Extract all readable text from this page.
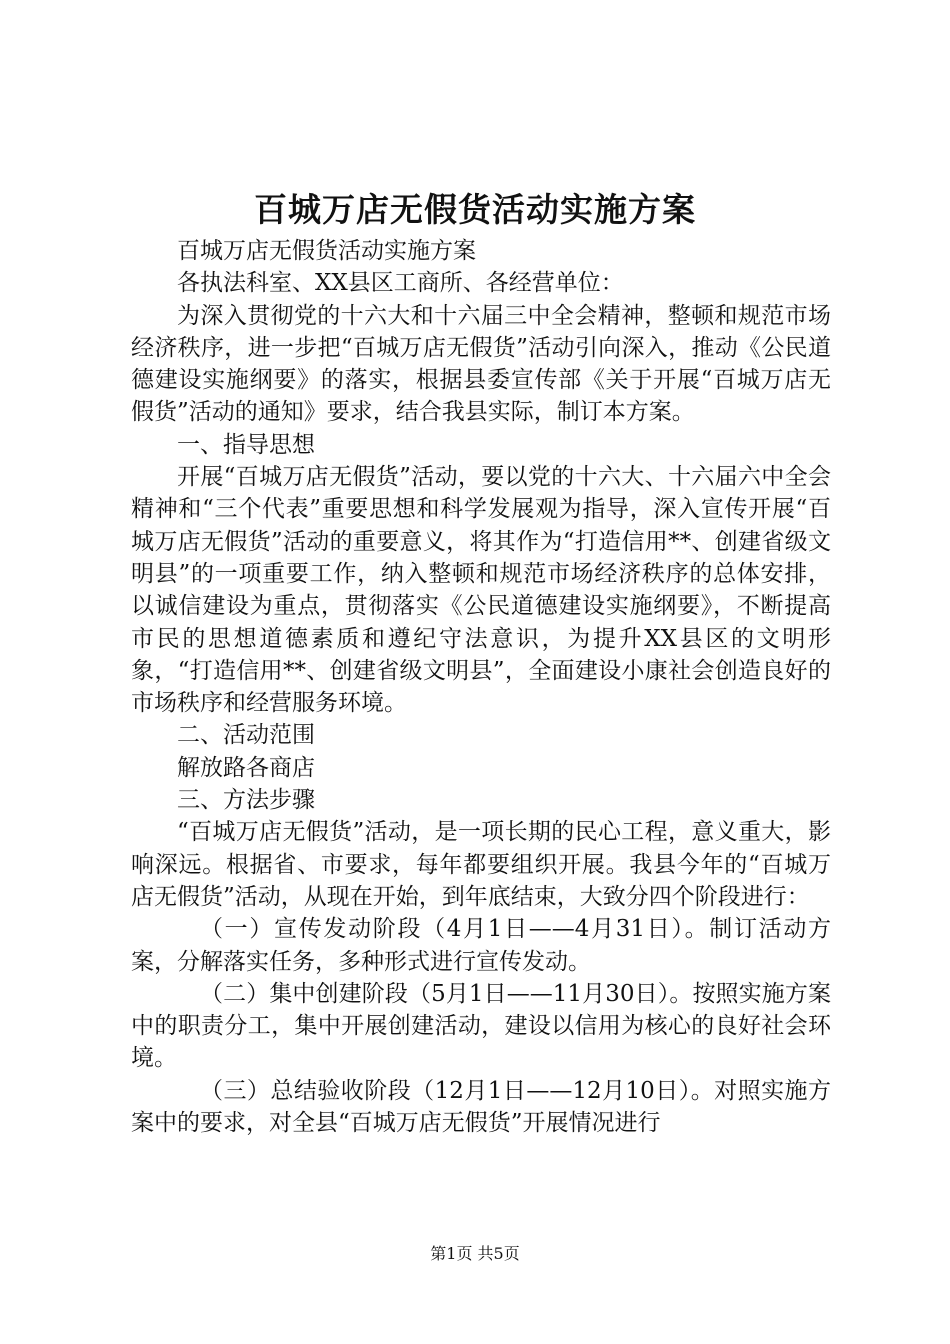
百城万店无假货活动实施方案

百城万店无假货活动实施方案

各执法科室、XX县区工商所、各经营单位：

为深入贯彻党的十六大和十六届三中全会精神，整顿和规范市场经济秩序，进一步把“百城万店无假货”活动引向深入，推动《公民道德建设实施纲要》的落实，根据县委宣传部《关于开展“百城万店无假货”活动的通知》要求，结合我县实际，制订本方案。

一、指导思想

开展“百城万店无假货”活动，要以党的十六大、十六届六中全会精神和“三个代表”重要思想和科学发展观为指导，深入宣传开展“百城万店无假货”活动的重要意义，将其作为“打造信用**、创建省级文明县”的一项重要工作，纳入整顿和规范市场经济秩序的总体安排，以诚信建设为重点，贯彻落实《公民道德建设实施纲要》，不断提高市民的思想道德素质和遵纪守法意识，为提升XX县区的文明形象，“打造信用**、创建省级文明县”，全面建设小康社会创造良好的市场秩序和经营服务环境。

二、活动范围

解放路各商店

三、方法步骤

“百城万店无假货”活动，是一项长期的民心工程，意义重大，影响深远。根据省、市要求，每年都要组织开展。我县今年的“百城万店无假货”活动，从现在开始，到年底结束，大致分四个阶段进行：

（一）宣传发动阶段（4月1日——4月31日）。制订活动方案，分解落实任务，多种形式进行宣传发动。

（二）集中创建阶段（5月1日——11月30日）。按照实施方案中的职责分工，集中开展创建活动，建设以信用为核心的良好社会环境。

（三）总结验收阶段（12月1日——12月10日）。对照实施方案中的要求，对全县“百城万店无假货”开展情况进行

第1页 共5页
